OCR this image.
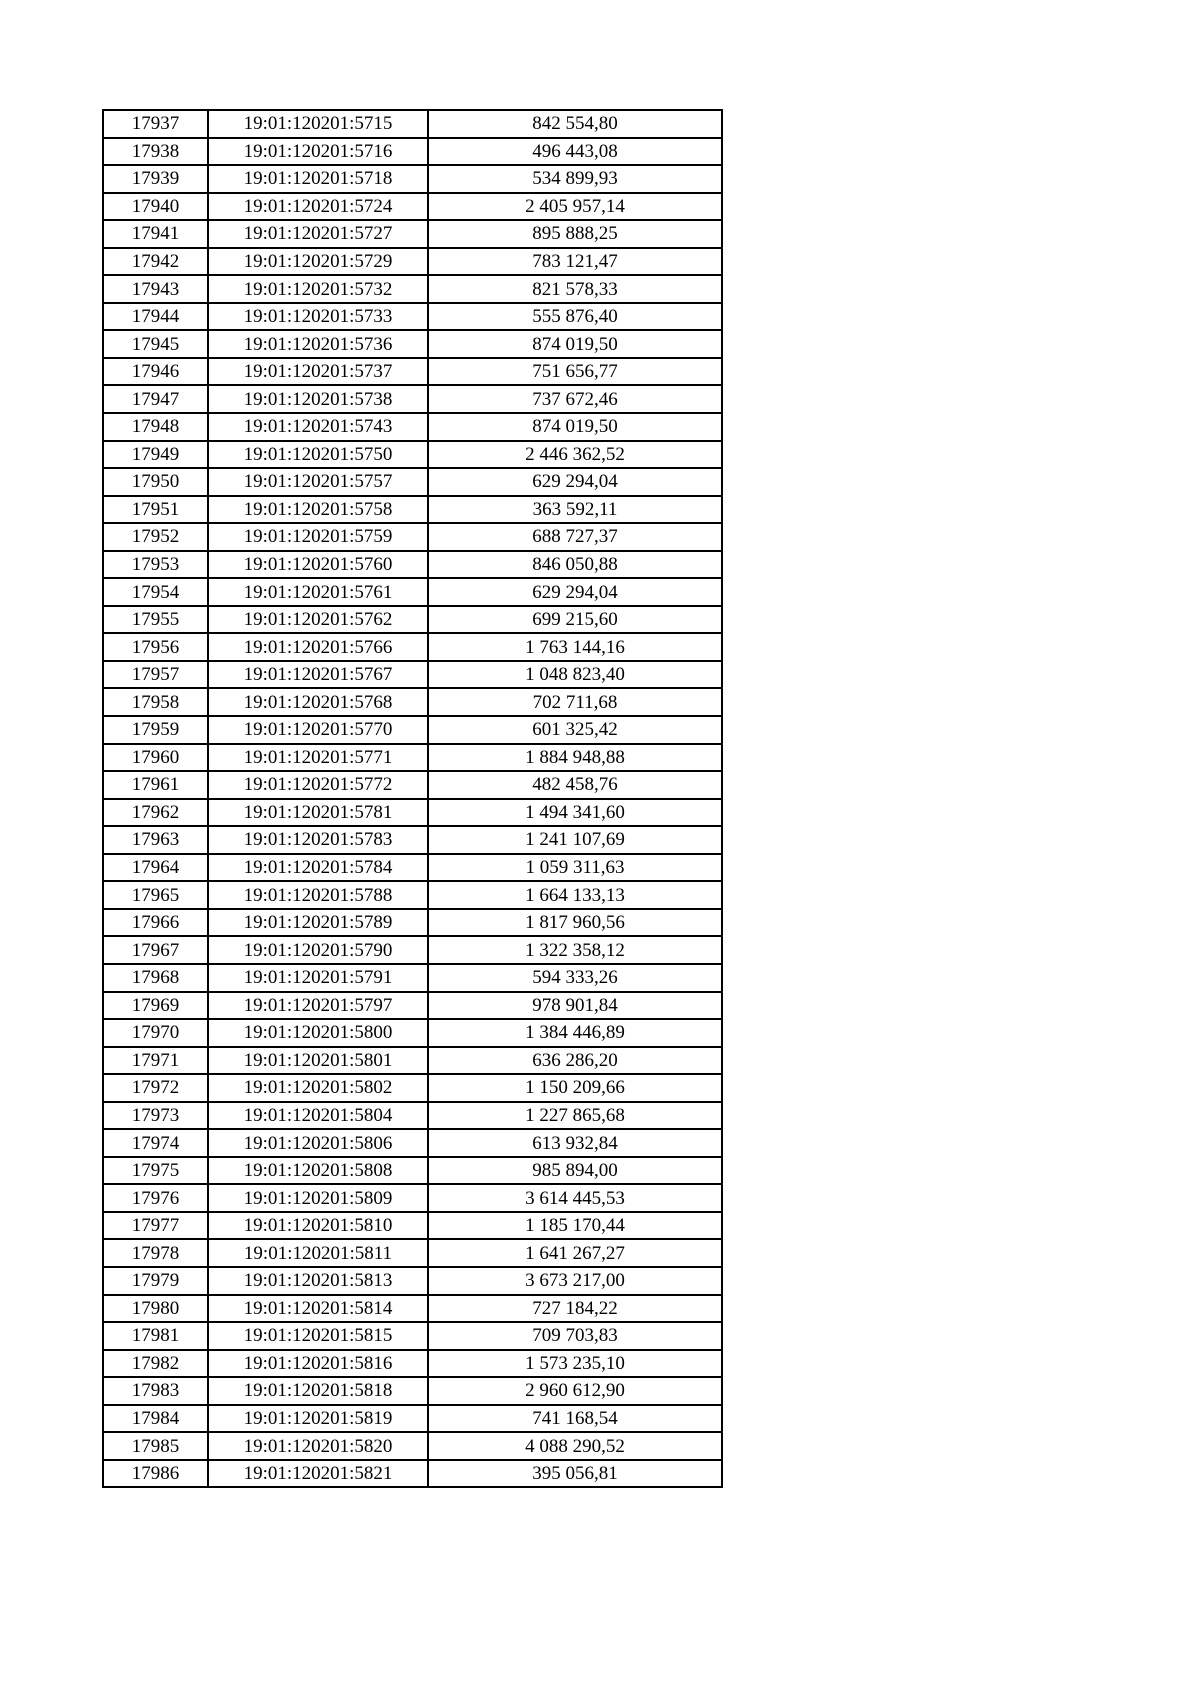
17937	19:01:120201:5715	842 554,80
17938	19:01:120201:5716	496 443,08
17939	19:01:120201:5718	534 899,93
17940	19:01:120201:5724	2 405 957,14
17941	19:01:120201:5727	895 888,25
17942	19:01:120201:5729	783 121,47
17943	19:01:120201:5732	821 578,33
17944	19:01:120201:5733	555 876,40
17945	19:01:120201:5736	874 019,50
17946	19:01:120201:5737	751 656,77
17947	19:01:120201:5738	737 672,46
17948	19:01:120201:5743	874 019,50
17949	19:01:120201:5750	2 446 362,52
17950	19:01:120201:5757	629 294,04
17951	19:01:120201:5758	363 592,11
17952	19:01:120201:5759	688 727,37
17953	19:01:120201:5760	846 050,88
17954	19:01:120201:5761	629 294,04
17955	19:01:120201:5762	699 215,60
17956	19:01:120201:5766	1 763 144,16
17957	19:01:120201:5767	1 048 823,40
17958	19:01:120201:5768	702 711,68
17959	19:01:120201:5770	601 325,42
17960	19:01:120201:5771	1 884 948,88
17961	19:01:120201:5772	482 458,76
17962	19:01:120201:5781	1 494 341,60
17963	19:01:120201:5783	1 241 107,69
17964	19:01:120201:5784	1 059 311,63
17965	19:01:120201:5788	1 664 133,13
17966	19:01:120201:5789	1 817 960,56
17967	19:01:120201:5790	1 322 358,12
17968	19:01:120201:5791	594 333,26
17969	19:01:120201:5797	978 901,84
17970	19:01:120201:5800	1 384 446,89
17971	19:01:120201:5801	636 286,20
17972	19:01:120201:5802	1 150 209,66
17973	19:01:120201:5804	1 227 865,68
17974	19:01:120201:5806	613 932,84
17975	19:01:120201:5808	985 894,00
17976	19:01:120201:5809	3 614 445,53
17977	19:01:120201:5810	1 185 170,44
17978	19:01:120201:5811	1 641 267,27
17979	19:01:120201:5813	3 673 217,00
17980	19:01:120201:5814	727 184,22
17981	19:01:120201:5815	709 703,83
17982	19:01:120201:5816	1 573 235,10
17983	19:01:120201:5818	2 960 612,90
17984	19:01:120201:5819	741 168,54
17985	19:01:120201:5820	4 088 290,52
17986	19:01:120201:5821	395 056,81
